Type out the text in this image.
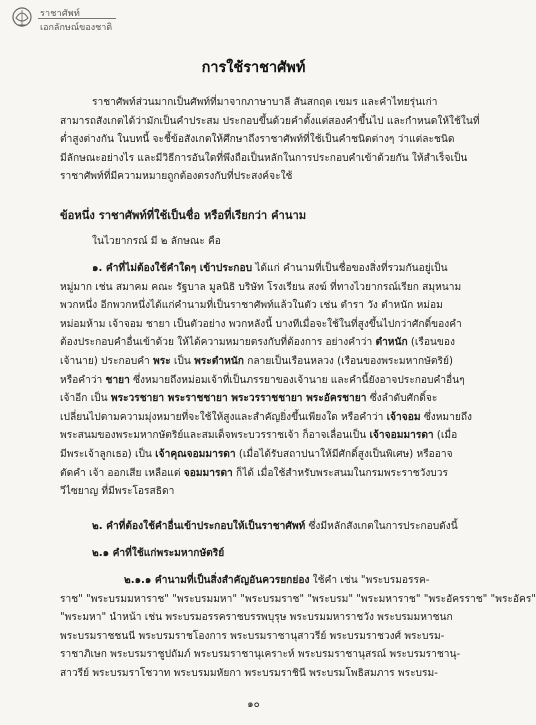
ราชาศัพท์
เอกลักษณ์ของชาติ
การใช้ราชาศัพท์
ราชาศัพท์ส่วนมากเป็นศัพท์ที่มาจากภาษาบาลี สันสกฤต เขมร และคำไทยรุ่นเก่า
สามารถสังเกตได้ว่ามักเป็นคำประสม ประกอบขึ้นด้วยคำตั้งแต่สองคำขึ้นไป และกำหนดให้ใช้ในที่
ต่ำสูงต่างกัน ในบทนี้ จะชี้ข้อสังเกตให้ศึกษาถึงราชาศัพท์ที่ใช้เป็นคำชนิดต่างๆ ว่าแต่ละชนิด
มีลักษณะอย่างไร และมีวิธีการอันใดที่พึงถือเป็นหลักในการประกอบคำเข้าด้วยกัน ให้สำเร็จเป็น
ราชาศัพท์ที่มีความหมายถูกต้องตรงกับที่ประสงค์จะใช้
ข้อหนึ่ง ราชาศัพท์ที่ใช้เป็นชื่อ หรือที่เรียกว่า คำนาม
ในไวยากรณ์ มี ๒ ลักษณะ คือ
๑. คำที่ไม่ต้องใช้คำใดๆ เข้าประกอบ ได้แก่ คำนามที่เป็นชื่อของสิ่งที่รวมกันอยู่เป็น
หมู่มาก เช่น สมาคม คณะ รัฐบาล มูลนิธิ บริษัท โรงเรียน สงฆ์ ที่ทางไวยากรณ์เรียก สมุหนาม
พวกหนึ่ง อีกพวกหนึ่งได้แก่คำนามที่เป็นราชาศัพท์แล้วในตัว เช่น ตำรา วัง ตำหนัก หม่อม
หม่อมห้าม เจ้าจอม ชายา เป็นตัวอย่าง พวกหลังนี้ บางทีเมื่อจะใช้ในที่สูงขึ้นไปกว่าศักดิ์ของคำ
ต้องประกอบคำอื่นเข้าด้วย ให้ได้ความหมายตรงกับที่ต้องการ อย่างคำว่า ตำหนัก (เรือนของ
เจ้านาย) ประกอบคำ พระ เป็น พระตำหนัก กลายเป็นเรือนหลวง (เรือนของพระมหากษัตริย์)
หรือคำว่า ชายา ซึ่งหมายถึงหม่อมเจ้าที่เป็นภรรยาของเจ้านาย และคำนี้ยังอาจประกอบคำอื่นๆ
เจ้าอีก เป็น พระวรชายา พระราชชายา พระวรราชชายา พระอัครชายา ซึ่งลำดับศักดิ์จะ
เปลี่ยนไปตามความมุ่งหมายที่จะใช้ให้สูงและสำคัญยิ่งขึ้นเพียงใด หรือคำว่า เจ้าจอม ซึ่งหมายถึง
พระสนมของพระมหากษัตริย์และสมเด็จพระบวรราชเจ้า ก็อาจเลื่อนเป็น เจ้าจอมมารดา (เมื่อ
มีพระเจ้าลูกเธอ) เป็น เจ้าคุณจอมมารดา (เมื่อได้รับสถาปนาให้มีศักดิ์สูงเป็นพิเศษ) หรืออาจ
ตัดคำ เจ้า ออกเสีย เหลือแต่ จอมมารดา ก็ได้ เมื่อใช้สำหรับพระสนมในกรมพระราชวังบวร
วีไซยาญ ที่มีพระโอรสธิดา
๒. คำที่ต้องใช้คำอื่นเข้าประกอบให้เป็นราชาศัพท์ ซึ่งมีหลักสังเกตในการประกอบดังนี้
๒.๑ คำที่ใช้แก่พระมหากษัตริย์
๒.๑.๑ คำนามที่เป็นสิ่งสำคัญอันควรยกย่อง ใช้คำ เช่น "พระบรมอรรค-
ราช" "พระบรมมหาราช" "พระบรมมหา" "พระบรมราช" "พระบรม" "พระมหาราช" "พระอัครราช" "พระอัคร"
"พระมหา" นำหน้า เช่น พระบรมอรรคราชบรรพบุรุษ พระบรมมหาราชวัง พระบรมมหาชนก
พระบรมราชชนนี พระบรมราชโองการ พระบรมราชานุสาวรีย์ พระบรมราชวงศ์ พระบรม-
ราชาภิเษก พระบรมราชูปถัมภ์ พระบรมราชานุเคราะห์ พระบรมราชานุสรณ์ พระบรมราชานุ-
สาวรีย์ พระบรมราโชวาท พระบรมมหัยกา พระบรมราชินี พระบรมโพธิสมภาร พระบรม-
๑๐
